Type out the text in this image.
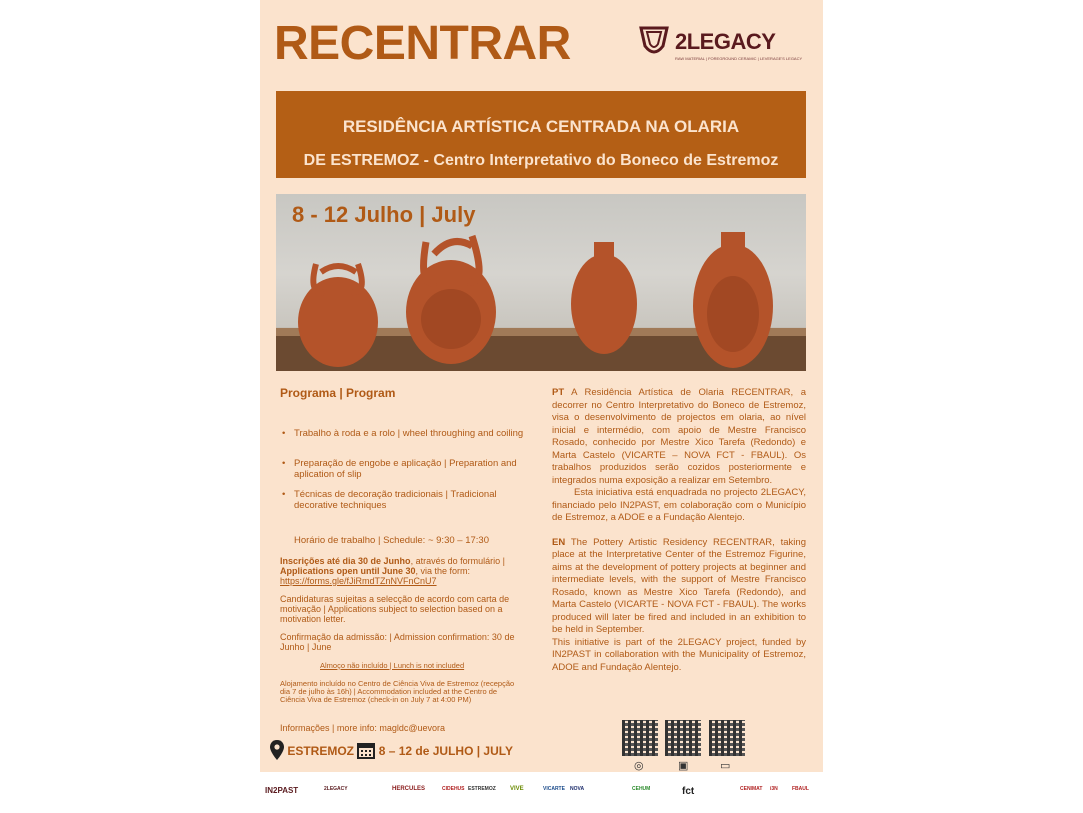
RECENTRAR	2LEGACY
RAW MATERIAL | FOREGROUND CERAMIC | LEVERAGE'S LEGACY
RESIDÊNCIA ARTÍSTICA CENTRADA NA OLARIA
DE ESTREMOZ - Centro Interpretativo do Boneco de Estremoz
8 - 12 Julho | July
Programa | Program
• Trabalho à roda e a rolo | wheel throughing and coiling
• Preparação de engobe e aplicação | Preparation and aplication of slip
• Técnicas de decoração tradicionais | Tradicional decorative techniques
Horário de trabalho | Schedule: ~ 9:30 – 17:30
Inscrições até dia 30 de Junho, através do formulário | Applications open until June 30, via the form: https://forms.gle/fJiRmdTZnNVFnCnU7
Candidaturas sujeitas a selecção de acordo com carta de motivação | Applications subject to selection based on a motivation letter.
Confirmação da admissão: | Admission confirmation: 30 de Junho | June
Almoço não incluído | Lunch is not included
Alojamento incluído no Centro de Ciência Viva de Estremoz (recepção dia 7 de julho às 16h) | Accommodation included at the Centro de Ciência Viva de Estremoz (check-in on July 7 at 4:00 PM)
Informações | more info: magldc@uevora

PT A Residência Artística de Olaria RECENTRAR, a decorrer no Centro Interpretativo do Boneco de Estremoz, visa o desenvolvimento de projectos em olaria, ao nível inicial e intermédio, com apoio de Mestre Francisco Rosado, conhecido por Mestre Xico Tarefa (Redondo) e Marta Castelo (VICARTE – NOVA FCT - FBAUL). Os trabalhos produzidos serão cozidos posteriormente e integrados numa exposição a realizar em Setembro.

Esta iniciativa está enquadrada no projecto 2LEGACY, financiado pelo IN2PAST, em colaboração com o Município de Estremoz, a ADOE e a Fundação Alentejo.

EN The Pottery Artistic Residency RECENTRAR, taking place at the Interpretative Center of the Estremoz Figurine, aims at the development of pottery projects at beginner and intermediate levels, with the support of Mestre Francisco Rosado, known as Mestre Xico Tarefa (Redondo), and Marta Castelo (VICARTE - NOVA FCT - FBAUL). The works produced will later be fired and included in an exhibition to be held in September.

This initiative is part of the 2LEGACY project, funded by IN2PAST in collaboration with the Municipality of Estremoz, ADOE and Fundação Alentejo.

ESTREMOZ 8 – 12 de JULHO | JULY
◎	▣	▭
IN2PAST	2LEGACY	HERCULES	CIDEHUS ESTREMOZ VIVE	VICARTE NOVA	CEHUM	fct	CENIMAT i3N	FBAUL
